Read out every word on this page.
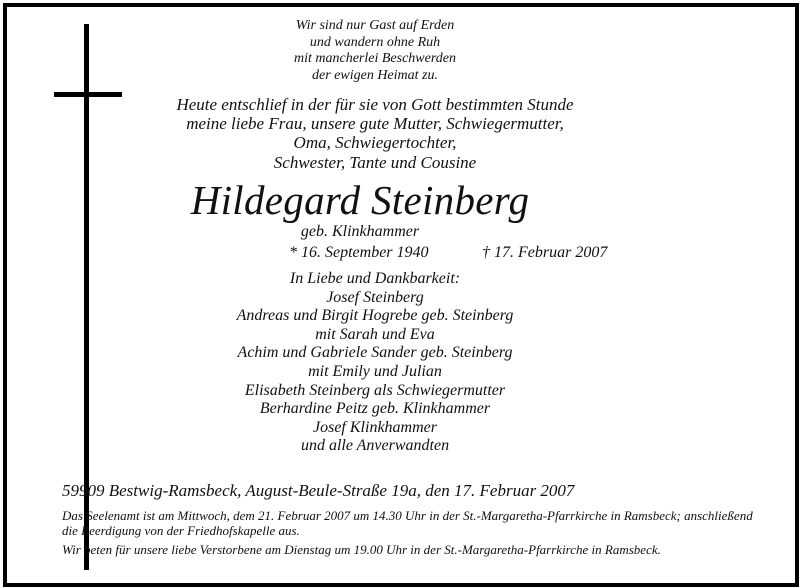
Wir sind nur Gast auf Erden
und wandern ohne Ruh
mit mancherlei Beschwerden
der ewigen Heimat zu.
Heute entschlief in der für sie von Gott bestimmten Stunde
meine liebe Frau, unsere gute Mutter, Schwiegermutter,
Oma, Schwiegertochter,
Schwester, Tante und Cousine
Hildegard Steinberg
geb. Klinkhammer
* 16. September 1940	† 17. Februar 2007
In Liebe und Dankbarkeit:
Josef Steinberg
Andreas und Birgit Hogrebe geb. Steinberg
mit Sarah und Eva
Achim und Gabriele Sander geb. Steinberg
mit Emily und Julian
Elisabeth Steinberg als Schwiegermutter
Berhardine Peitz geb. Klinkhammer
Josef Klinkhammer
und alle Anverwandten
59909 Bestwig-Ramsbeck, August-Beule-Straße 19a, den 17. Februar 2007
Das Seelenamt ist am Mittwoch, dem 21. Februar 2007 um 14.30 Uhr in der St.-Margaretha-Pfarrkirche in Ramsbeck; anschließend die Beerdigung von der Friedhofskapelle aus.
Wir beten für unsere liebe Verstorbene am Dienstag um 19.00 Uhr in der St.-Margaretha-Pfarrkirche in Ramsbeck.
